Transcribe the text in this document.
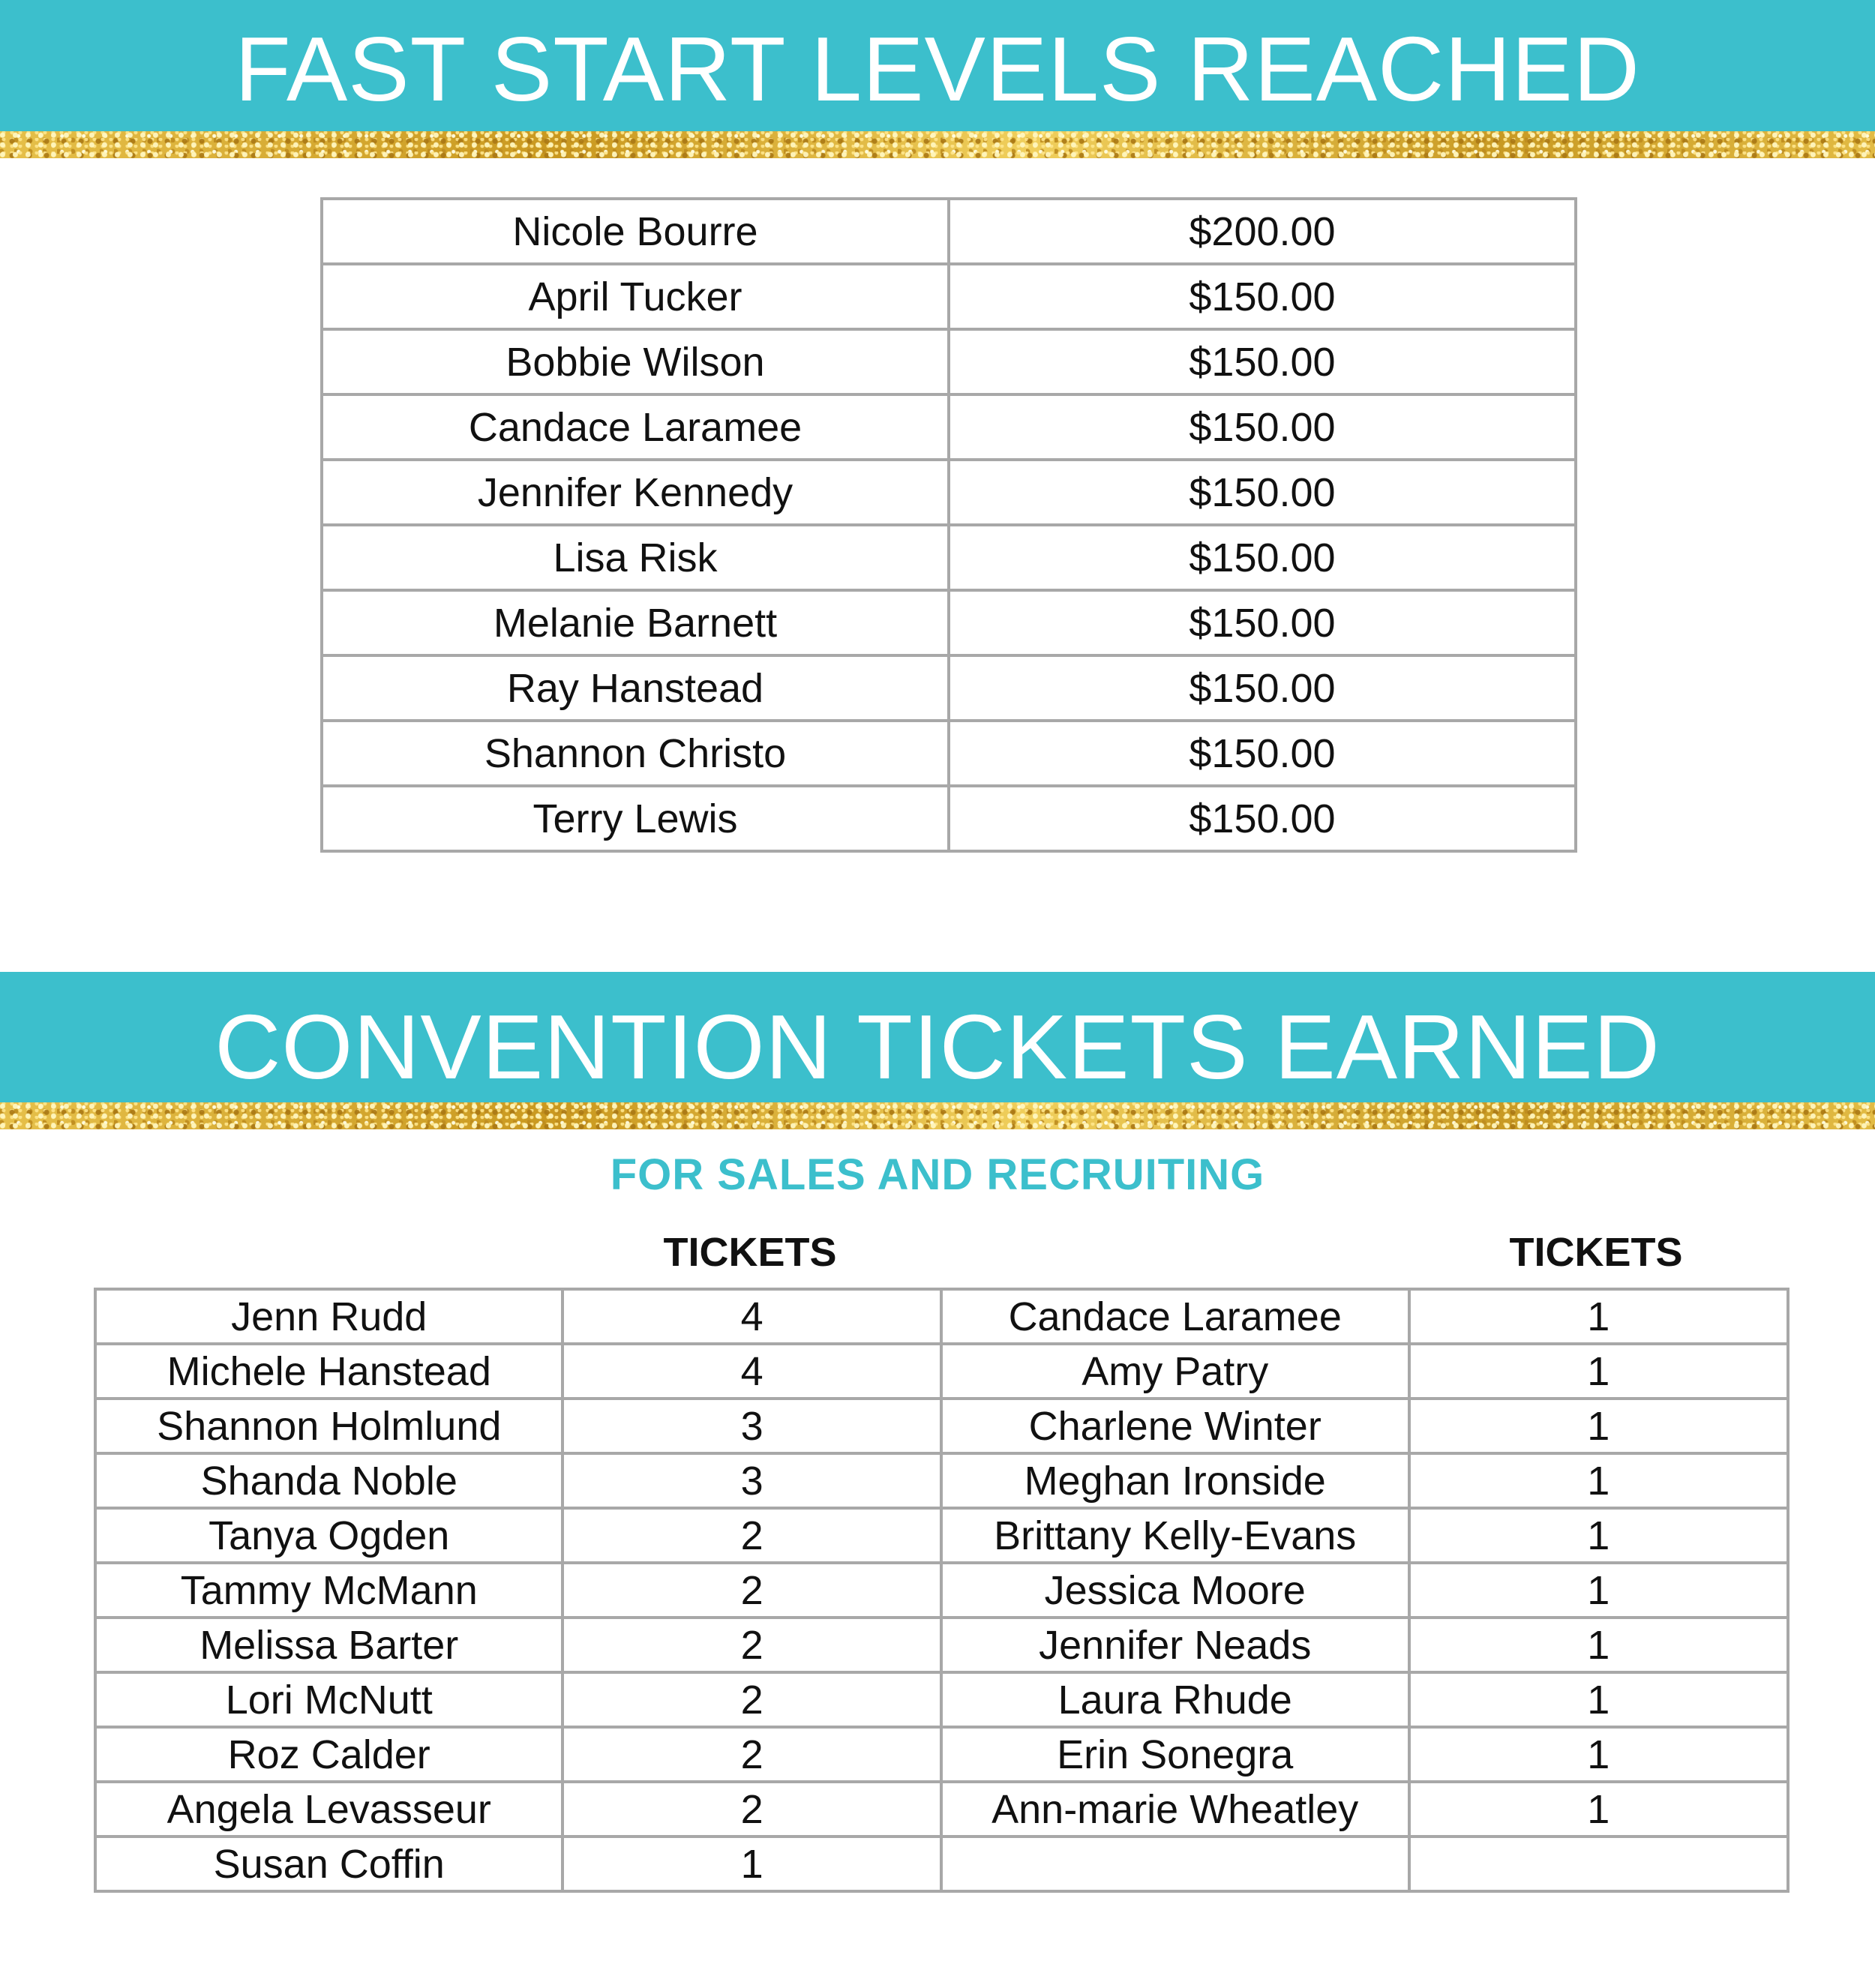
FAST START LEVELS REACHED
Nicole Bourre	$200.00
April Tucker	$150.00
Bobbie Wilson	$150.00
Candace Laramee	$150.00
Jennifer Kennedy	$150.00
Lisa Risk	$150.00
Melanie Barnett	$150.00
Ray Hanstead	$150.00
Shannon Christo	$150.00
Terry Lewis	$150.00
CONVENTION TICKETS EARNED
FOR SALES AND RECRUITING
TICKETS	TICKETS
Jenn Rudd	4	Candace Laramee	1
Michele Hanstead	4	Amy Patry	1
Shannon Holmlund	3	Charlene Winter	1
Shanda Noble	3	Meghan Ironside	1
Tanya Ogden	2	Brittany Kelly-Evans	1
Tammy McMann	2	Jessica Moore	1
Melissa Barter	2	Jennifer Neads	1
Lori McNutt	2	Laura Rhude	1
Roz Calder	2	Erin Sonegra	1
Angela Levasseur	2	Ann-marie Wheatley	1
Susan Coffin	1		
